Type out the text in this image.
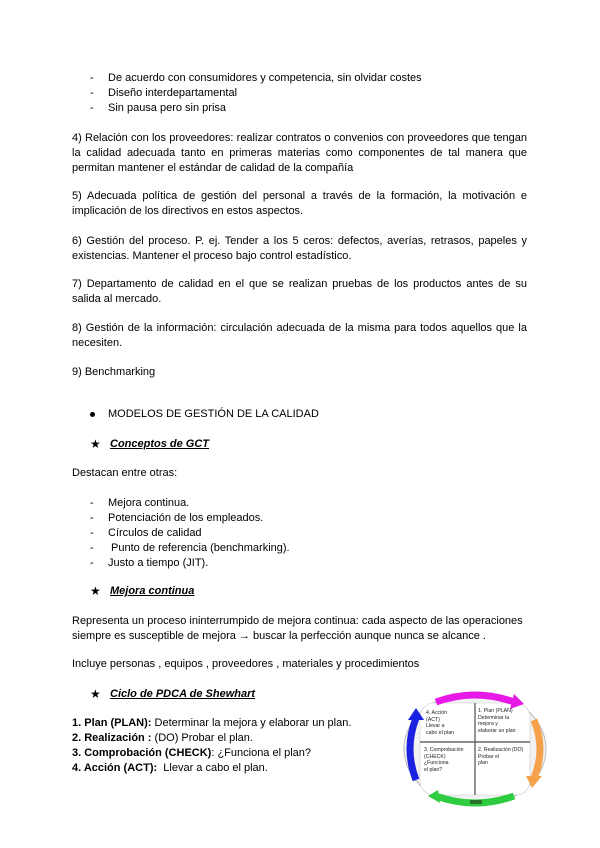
- De acuerdo con consumidores y competencia, sin olvidar costes
- Diseño interdepartamental
- Sin pausa pero sin prisa
4) Relación con los proveedores: realizar contratos o convenios con proveedores que tengan la calidad adecuada tanto en primeras materias como componentes de tal manera que permitan mantener el estándar de calidad de la compañía
5) Adecuada política de gestión del personal a través de la formación, la motivación e implicación de los directivos en estos aspectos.
6) Gestión del proceso. P. ej. Tender a los 5 ceros: defectos, averías, retrasos, papeles y existencias. Mantener el proceso bajo control estadístico.
7) Departamento de calidad en el que se realizan pruebas de los productos antes de su salida al mercado.
8) Gestión de la información: circulación adecuada de la misma para todos aquellos que la necesiten.
9) Benchmarking
MODELOS DE GESTIÓN DE LA CALIDAD
★ Conceptos de GCT
Destacan entre otras:
- Mejora continua.
- Potenciación de los empleados.
- Círculos de calidad
- Punto de referencia (benchmarking).
- Justo a tiempo (JIT).
★ Mejora continua
Representa un proceso ininterrumpido de mejora continua: cada aspecto de las operaciones siempre es susceptible de mejora → buscar la perfección aunque nunca se alcance .
Incluye personas , equipos , proveedores , materiales y procedimientos
★ Ciclo de PDCA de Shewhart
1. Plan (PLAN): Determinar la mejora y elaborar un plan.
2. Realización : (DO) Probar el plan.
3. Comprobación (CHECK): ¿Funciona el plan?
4. Acción (ACT):  Llevar a cabo el plan.
4. Acción
(ACT)
Llevar a
cabo el plan
1. Plan (PLAN)
Determinar la
mejora y
elaborar un plan
3. Comprobación
(CHECK)
¿Funciona
el plan?
2. Realización (DO)
Probar el
plan
